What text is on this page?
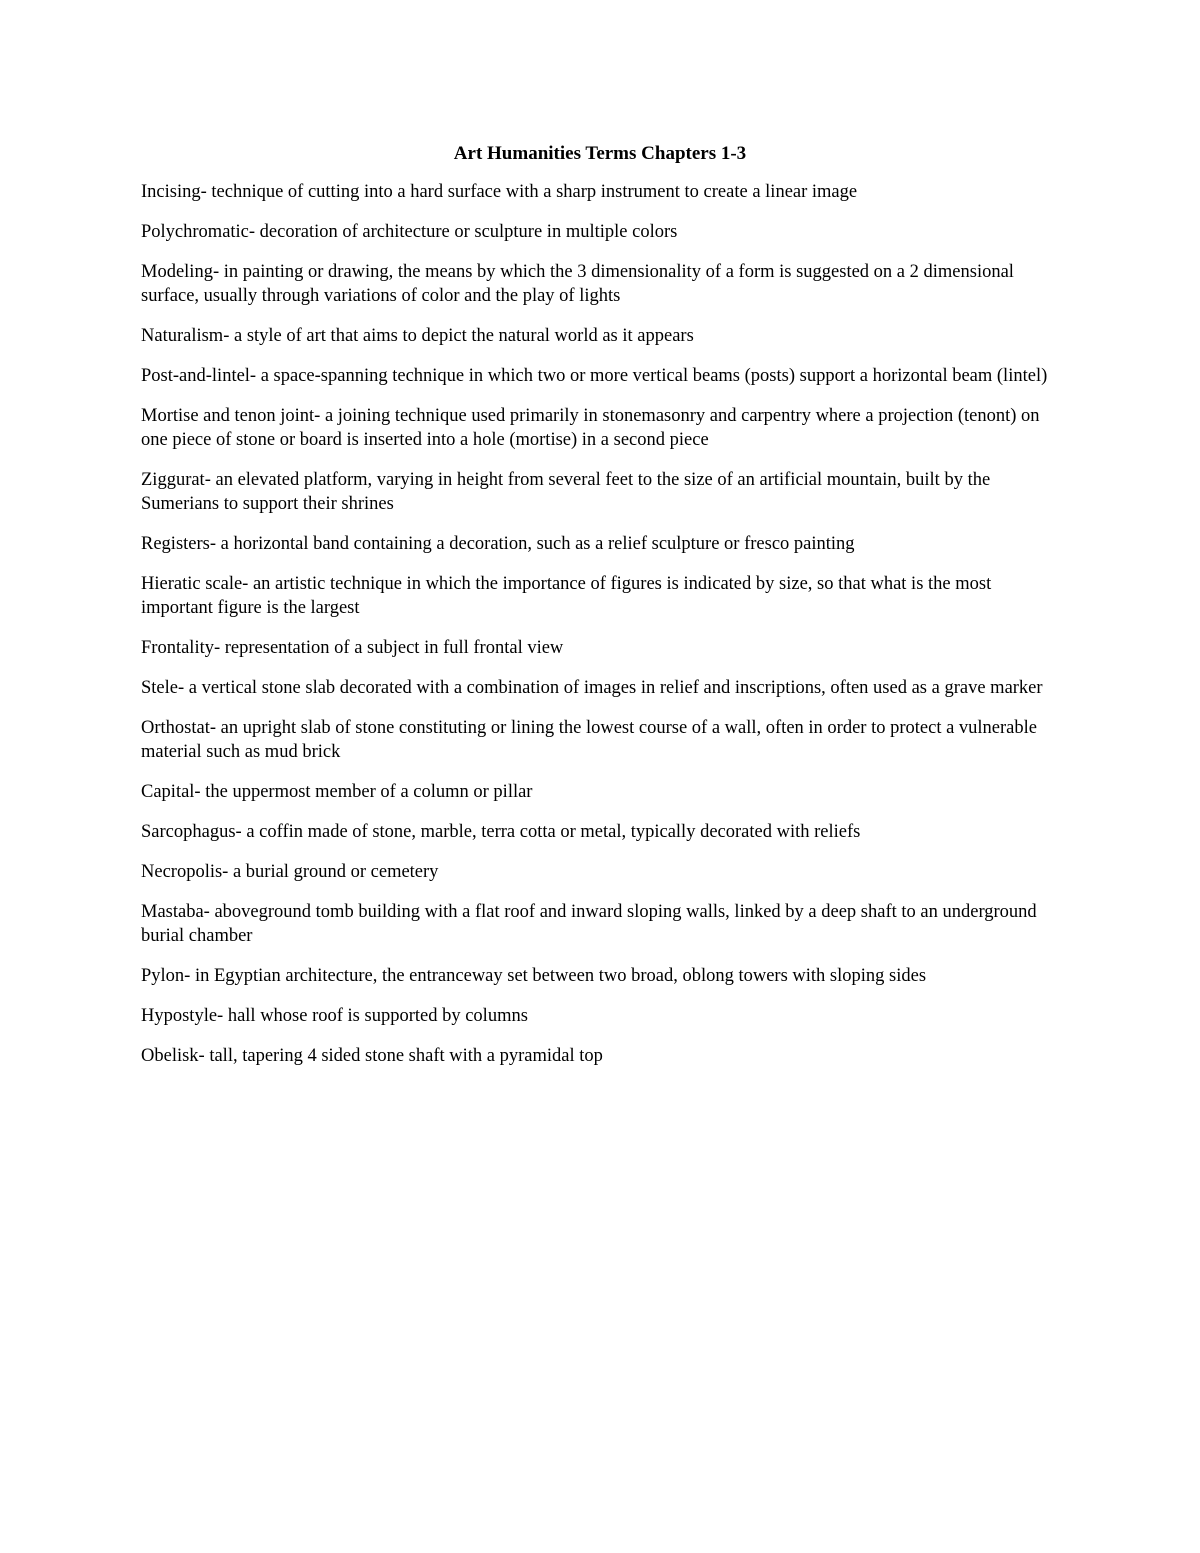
Art Humanities Terms Chapters 1-3

Incising- technique of cutting into a hard surface with a sharp instrument to create a linear image

Polychromatic- decoration of architecture or sculpture in multiple colors

Modeling- in painting or drawing, the means by which the 3 dimensionality of a form is suggested on a 2 dimensional surface, usually through variations of color and the play of lights

Naturalism- a style of art that aims to depict the natural world as it appears

Post-and-lintel- a space-spanning technique in which two or more vertical beams (posts) support a horizontal beam (lintel)

Mortise and tenon joint- a joining technique used primarily in stonemasonry and carpentry where a projection (tenont) on one piece of stone or board is inserted into a hole (mortise) in a second piece

Ziggurat- an elevated platform, varying in height from several feet to the size of an artificial mountain, built by the Sumerians to support their shrines

Registers- a horizontal band containing a decoration, such as a relief sculpture or fresco painting

Hieratic scale- an artistic technique in which the importance of figures is indicated by size, so that what is the most important figure is the largest

Frontality- representation of a subject in full frontal view

Stele- a vertical stone slab decorated with a combination of images in relief and inscriptions, often used as a grave marker

Orthostat- an upright slab of stone constituting or lining the lowest course of a wall, often in order to protect a vulnerable material such as mud brick

Capital- the uppermost member of a column or pillar

Sarcophagus- a coffin made of stone, marble, terra cotta or metal, typically decorated with reliefs

Necropolis- a burial ground or cemetery

Mastaba- aboveground tomb building with a flat roof and inward sloping walls, linked by a deep shaft to an underground burial chamber

Pylon- in Egyptian architecture, the entranceway set between two broad, oblong towers with sloping sides

Hypostyle- hall whose roof is supported by columns

Obelisk- tall, tapering 4 sided stone shaft with a pyramidal top
